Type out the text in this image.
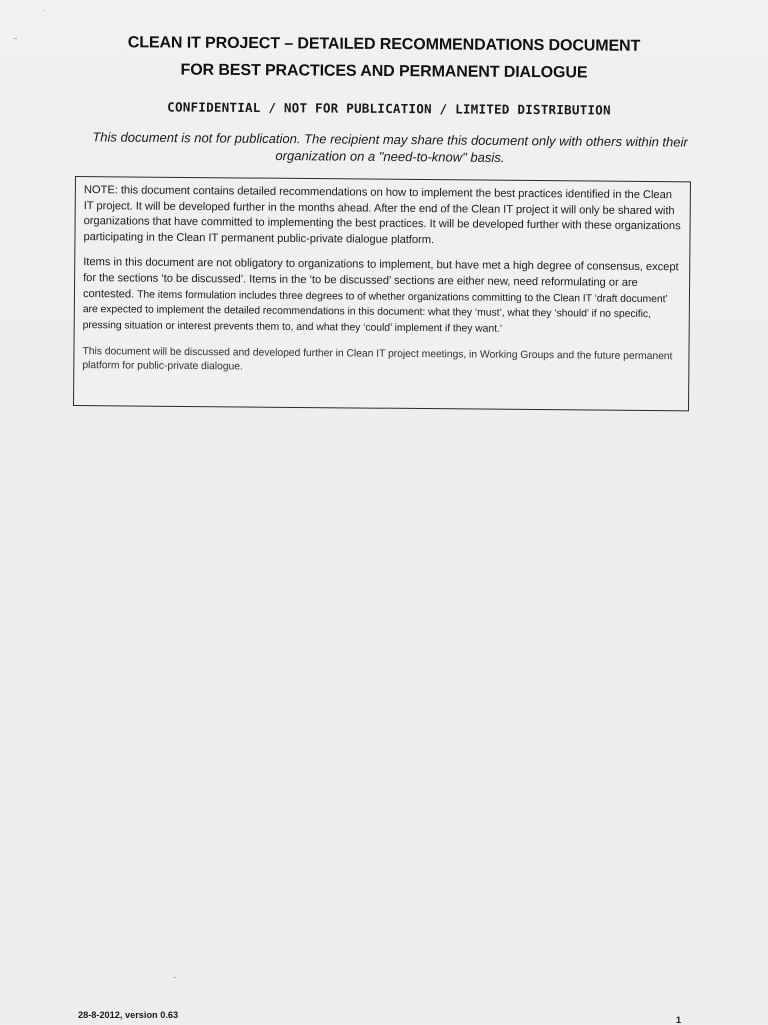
CLEAN IT PROJECT – DETAILED RECOMMENDATIONS DOCUMENT
FOR BEST PRACTICES AND PERMANENT DIALOGUE
CONFIDENTIAL / NOT FOR PUBLICATION / LIMITED DISTRIBUTION
This document is not for publication. The recipient may share this document only with others within their organization on a "need-to-know" basis.

NOTE: this document contains detailed recommendations on how to implement the best practices identified in the Clean IT project. It will be developed further in the months ahead. After the end of the Clean IT project it will only be shared with organizations that have committed to implementing the best practices. It will be developed further with these organizations participating in the Clean IT permanent public-private dialogue platform.

Items in this document are not obligatory to organizations to implement, but have met a high degree of consensus, except for the sections ‘to be discussed’. Items in the ‘to be discussed’ sections are either new, need reformulating or are contested. The items formulation includes three degrees to of whether organizations committing to the Clean IT ‘draft document’ are expected to implement the detailed recommendations in this document: what they ‘must’, what they ‘should’ if no specific, pressing situation or interest prevents them to, and what they ‘could’ implement if they want.’

This document will be discussed and developed further in Clean IT project meetings, in Working Groups and the future permanent platform for public-private dialogue.

28-8-2012, version 0.63	1
